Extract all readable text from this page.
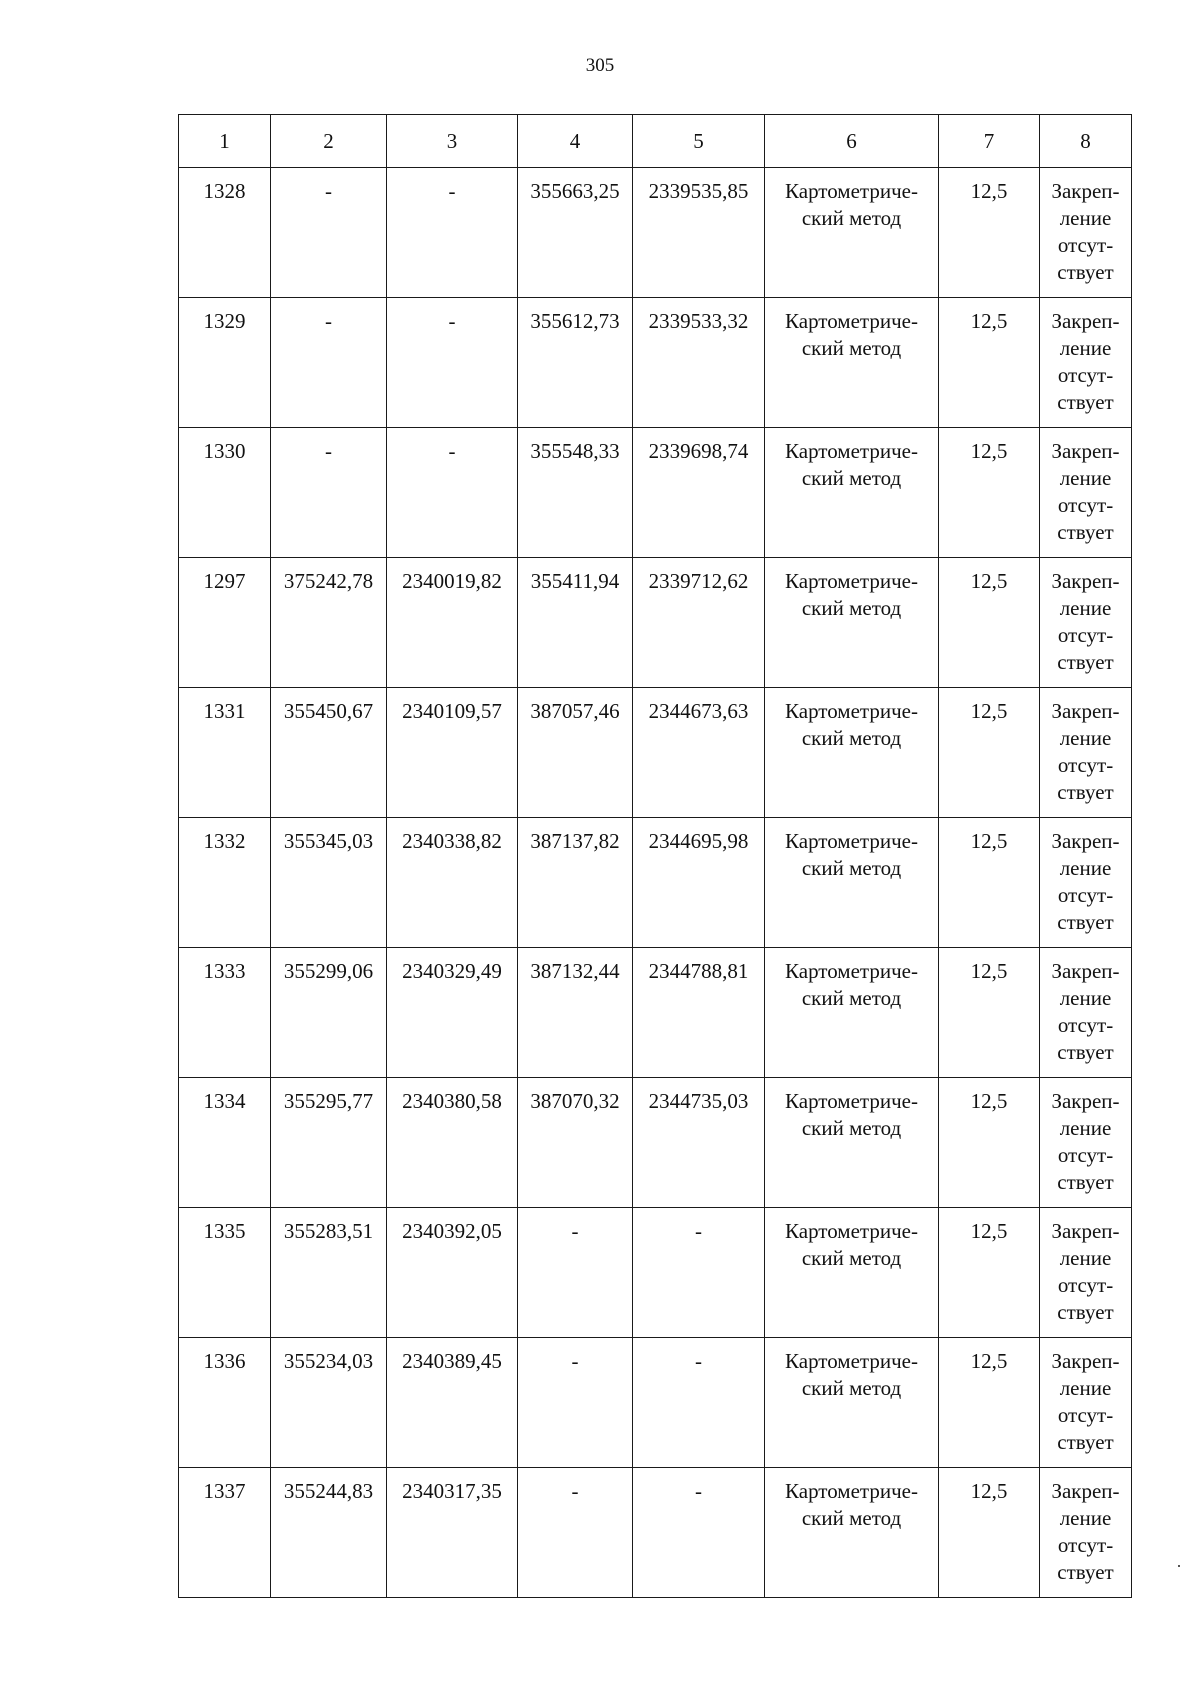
305
1	2	3	4	5	6	7	8
1328	-	-	355663,25	2339535,85	Картометриче-
ский метод	12,5	Закреп-
ление
отсут-
ствует
1329	-	-	355612,73	2339533,32	Картометриче-
ский метод	12,5	Закреп-
ление
отсут-
ствует
1330	-	-	355548,33	2339698,74	Картометриче-
ский метод	12,5	Закреп-
ление
отсут-
ствует
1297	375242,78	2340019,82	355411,94	2339712,62	Картометриче-
ский метод	12,5	Закреп-
ление
отсут-
ствует
1331	355450,67	2340109,57	387057,46	2344673,63	Картометриче-
ский метод	12,5	Закреп-
ление
отсут-
ствует
1332	355345,03	2340338,82	387137,82	2344695,98	Картометриче-
ский метод	12,5	Закреп-
ление
отсут-
ствует
1333	355299,06	2340329,49	387132,44	2344788,81	Картометриче-
ский метод	12,5	Закреп-
ление
отсут-
ствует
1334	355295,77	2340380,58	387070,32	2344735,03	Картометриче-
ский метод	12,5	Закреп-
ление
отсут-
ствует
1335	355283,51	2340392,05	-	-	Картометриче-
ский метод	12,5	Закреп-
ление
отсут-
ствует
1336	355234,03	2340389,45	-	-	Картометриче-
ский метод	12,5	Закреп-
ление
отсут-
ствует
1337	355244,83	2340317,35	-	-	Картометриче-
ский метод	12,5	Закреп-
ление
отсут-
ствует
